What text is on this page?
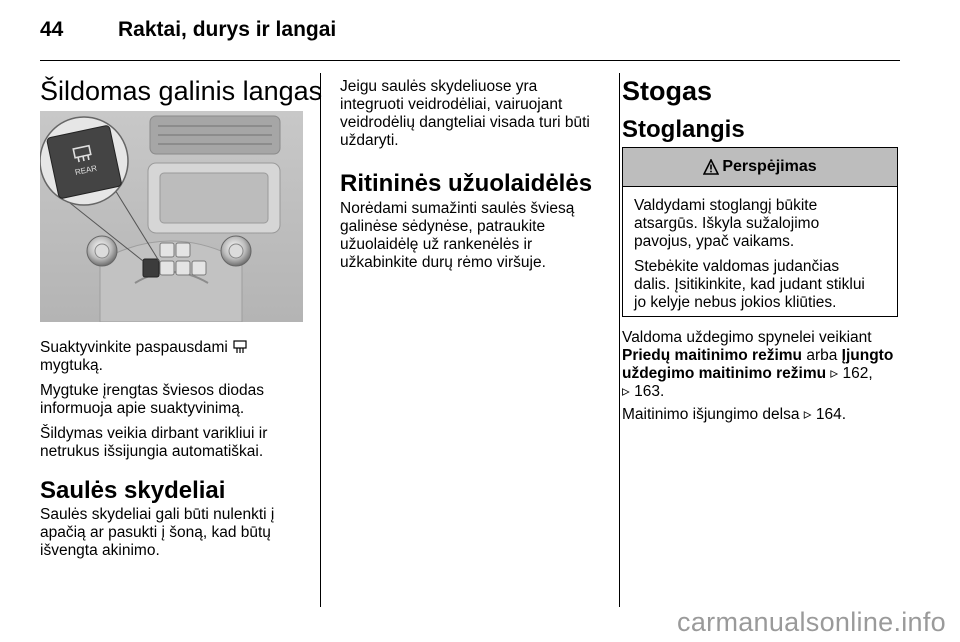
44	Raktai, durys ir langai
Šildomas galinis langas
REAR

Suaktyvinkite paspausdami
mygtuką.

Mygtuke įrengtas šviesos diodas
informuoja apie suaktyvinimą.

Šildymas veikia dirbant varikliui ir
netrukus išsijungia automatiškai.

Saulės skydeliai

Saulės skydeliai gali būti nulenkti į
apačią ar pasukti į šoną, kad būtų
išvengta akinimo.

Jeigu saulės skydeliuose yra
integruoti veidrodėliai, vairuojant
veidrodėlių dangteliai visada turi būti
uždaryti.

Ritininės užuolaidėlės

Norėdami sumažinti saulės šviesą
galinėse sėdynėse, patraukite
užuolaidėlę už rankenėlės ir
užkabinkite durų rėmo viršuje.

Stogas
Stoglangis
Perspėjimas

Valdydami stoglangį būkite
atsargūs. Iškyla sužalojimo
pavojus, ypač vaikams.

Stebėkite valdomas judančias
dalis. Įsitikinkite, kad judant stiklui
jo kelyje nebus jokios kliūties.

Valdoma uždegimo spynelei veikiant
Priedų maitinimo režimu arba Įjungto
uždegimo maitinimo režimu ▹ 162,
▹ 163.

Maitinimo išjungimo delsa ▹ 164.

carmanualsonline.info
